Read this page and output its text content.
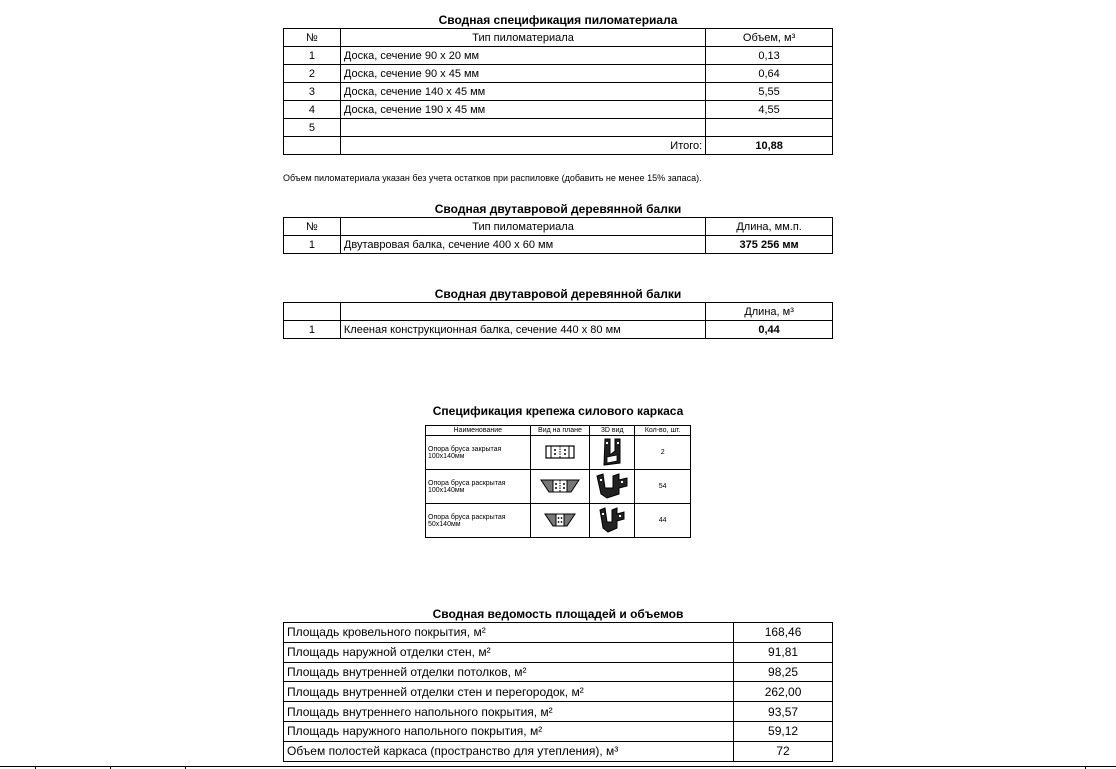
Сводная спецификация пиломатериала
№	Тип пиломатериала	Объем, м³
1	Доска, сечение 90 х 20 мм	0,13
2	Доска, сечение 90 х 45 мм	0,64
3	Доска, сечение 140 х 45 мм	5,55
4	Доска, сечение 190 х 45 мм	4,55
5		
	Итого:	10,88
Объем пиломатериала указан без учета остатков при распиловке (добавить не менее 15% запаса).
Сводная двутавровой деревянной балки
№	Тип пиломатериала	Длина, мм.п.
1	Двутавровая балка, сечение 400 х 60 мм	375 256 мм
Сводная двутавровой деревянной балки
		Длина, м³
1	Клееная конструкционная балка, сечение 440 х 80 мм	0,44
Спецификация крепежа силового каркаса
Наименование	Вид на плане	3D вид	Кол-во, шт.

Опора бруса закрытая
100х140мм			2

Опора бруса раскрытая
100х140мм			54

Опора бруса раскрытая
50х140мм			44
Сводная ведомость площадей и объемов
Площадь кровельного покрытия, м²	168,46
Площадь наружной отделки стен, м²	91,81
Площадь внутренней отделки потолков, м²	98,25
Площадь внутренней отделки стен и перегородок, м²	262,00
Площадь внутреннего напольного покрытия, м²	93,57
Площадь наружного напольного покрытия, м²	59,12
Объем полостей каркаса (пространство для утепления), м³	72
